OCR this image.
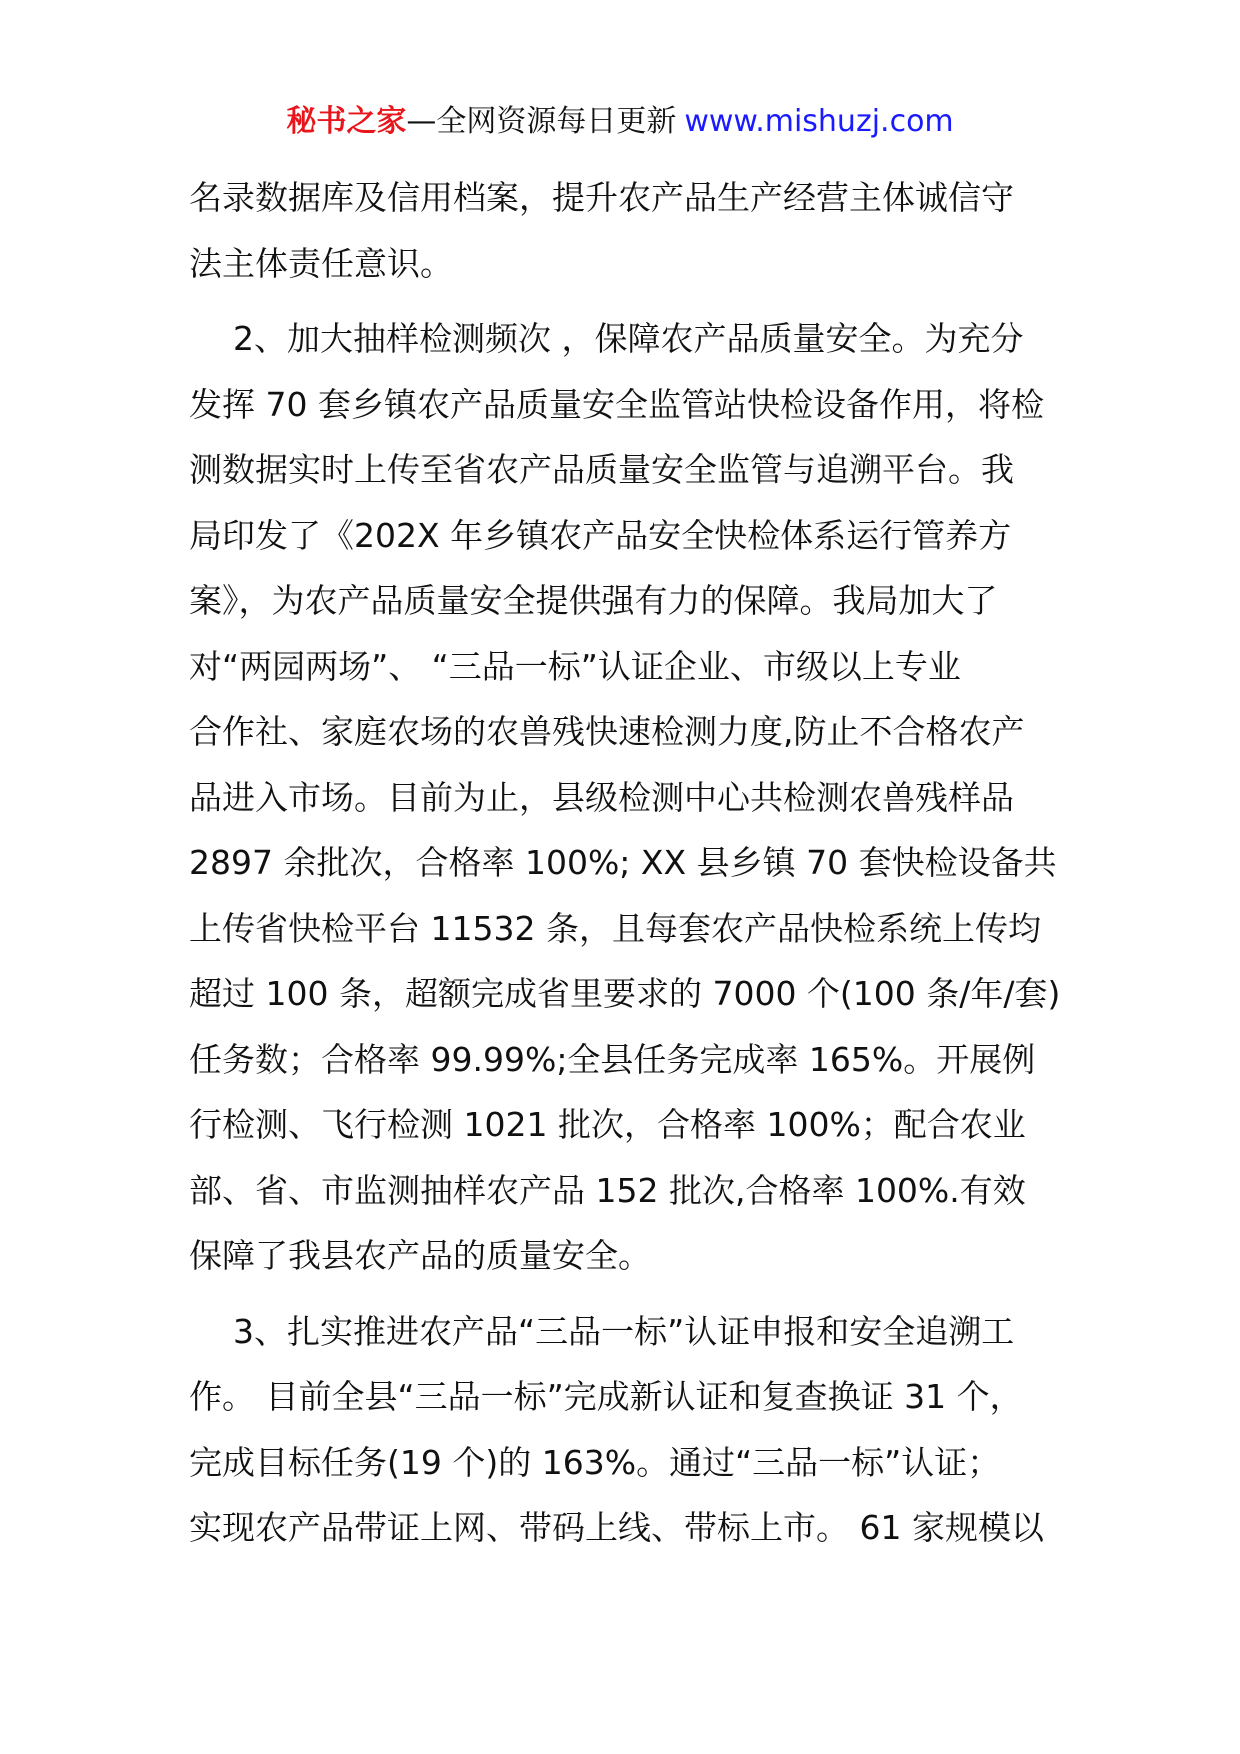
秘书之家—全网资源每日更新 www.mishuzj.com
名录数据库及信用档案，提升农产品生产经营主体诚信守
法主体责任意识。
2、加大抽样检测频次 ，保障农产品质量安全。为充分
发挥 70 套乡镇农产品质量安全监管站快检设备作用，将检
测数据实时上传至省农产品质量安全监管与追溯平台。我
局印发了《202X 年乡镇农产品安全快检体系运行管养方
案》，为农产品质量安全提供强有力的保障。我局加大了
对“两园两场”、 “三品一标”认证企业、市级以上专业
合作社、家庭农场的农兽残快速检测力度,防止不合格农产
品进入市场。目前为止，县级检测中心共检测农兽残样品
2897 余批次，合格率 100%; XX 县乡镇 70 套快检设备共
上传省快检平台 11532 条，且每套农产品快检系统上传均
超过 100 条，超额完成省里要求的 7000 个(100 条/年/套)
任务数；合格率 99.99%;全县任务完成率 165%。开展例
行检测、飞行检测 1021 批次，合格率 100%；配合农业
部、省、市监测抽样农产品 152 批次,合格率 100%.有效
保障了我县农产品的质量安全。
3、扎实推进农产品“三品一标”认证申报和安全追溯工
作。 目前全县“三品一标”完成新认证和复查换证 31 个，
完成目标任务(19 个)的 163%。通过“三品一标”认证；
实现农产品带证上网、带码上线、带标上市。 61 家规模以
